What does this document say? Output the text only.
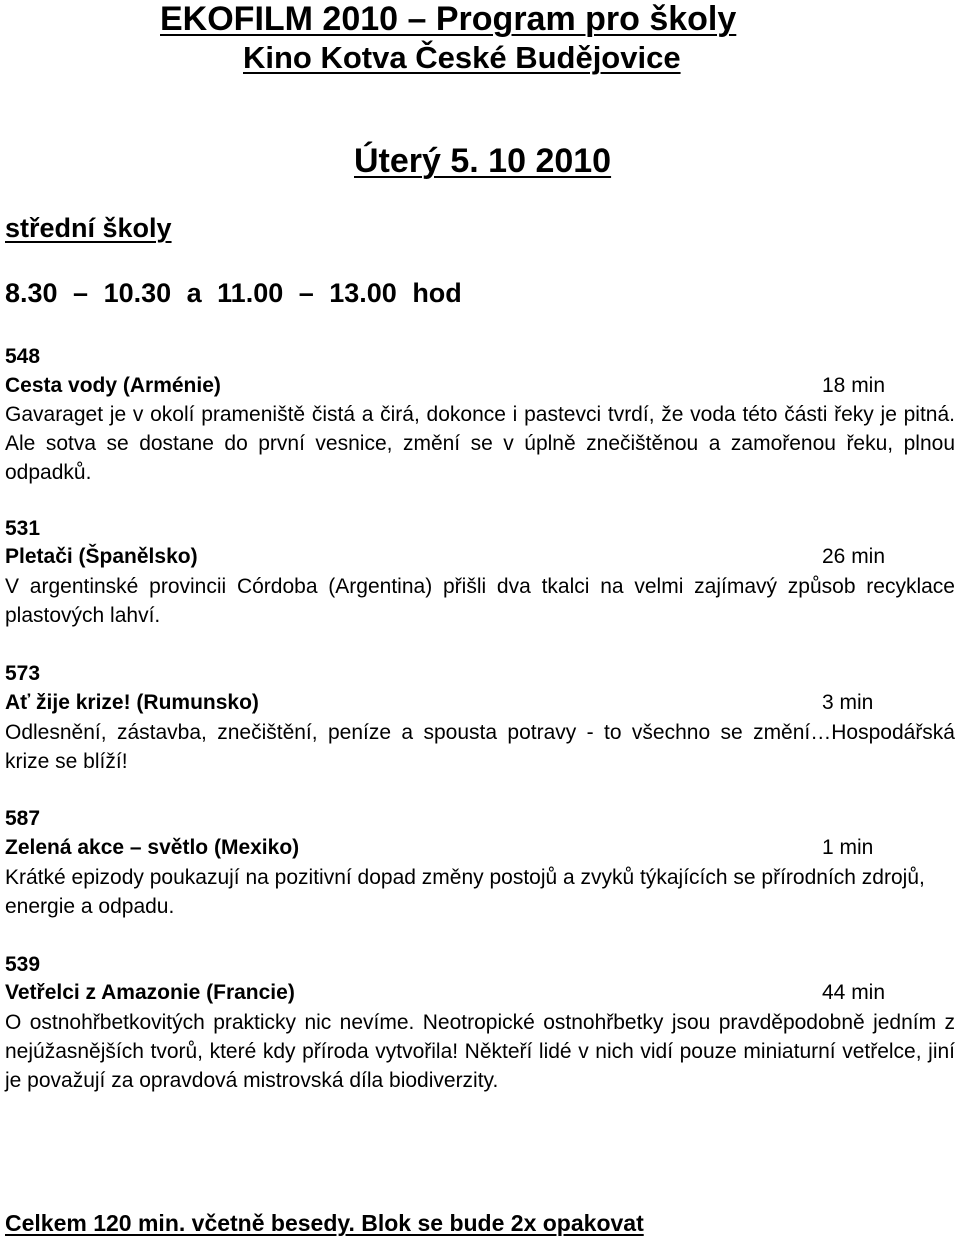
EKOFILM 2010 – Program pro školy
Kino Kotva České Budějovice
Úterý 5. 10 2010
střední školy
8.30 – 10.30 a 11.00 – 13.00 hod
548
Cesta vody (Arménie)	18 min
Gavaraget je v okolí prameniště čistá a čirá, dokonce i pastevci tvrdí, že voda této části řeky je pitná. Ale sotva se dostane do první vesnice, změní se v úplně znečištěnou a zamořenou řeku, plnou odpadků.
531
Pletači (Španělsko)	26 min
V argentinské provincii Córdoba (Argentina) přišli dva tkalci na velmi zajímavý způsob recyklace plastových lahví.
573
Ať žije krize! (Rumunsko)	3 min
Odlesnění, zástavba, znečištění, peníze a spousta potravy - to všechno se změní…Hospodářská krize se blíží!
587
Zelená akce – světlo (Mexiko)	1 min
Krátké epizody poukazují na pozitivní dopad změny postojů a zvyků týkajících se přírodních zdrojů, energie a odpadu.
539
Vetřelci z Amazonie (Francie)	44 min
O ostnohřbetkovitých prakticky nic nevíme. Neotropické ostnohřbetky jsou pravděpodobně jedním z nejúžasnějších tvorů, které kdy příroda vytvořila! Někteří lidé v nich vidí pouze miniaturní vetřelce, jiní je považují za opravdová mistrovská díla biodiverzity.
Celkem 120 min. včetně besedy. Blok se bude 2x opakovat
